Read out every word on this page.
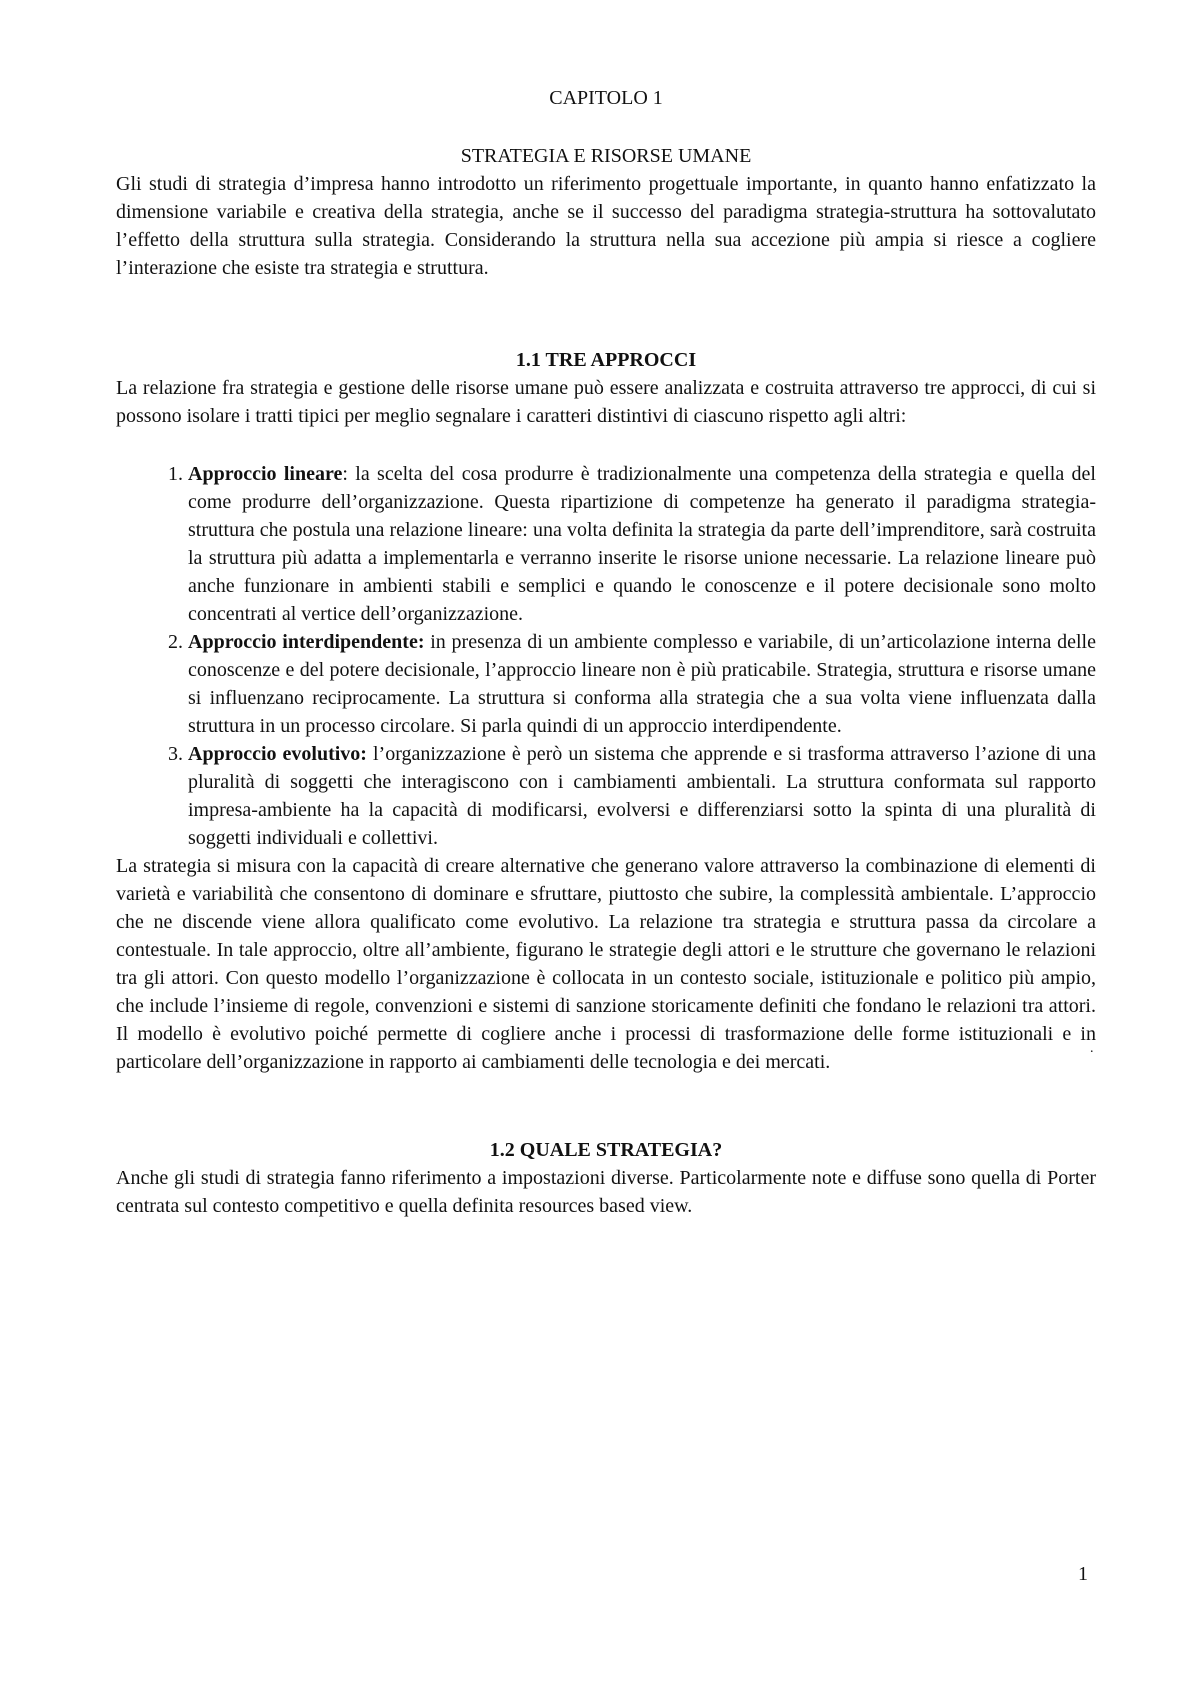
CAPITOLO 1
STRATEGIA E RISORSE UMANE

Gli studi di strategia d’impresa hanno introdotto un riferimento progettuale importante, in quanto hanno enfatizzato la dimensione variabile e creativa della strategia, anche se il successo del paradigma strategia-struttura ha sottovalutato l’effetto della struttura sulla strategia. Considerando la struttura nella sua accezione più ampia si riesce a cogliere l’interazione che esiste tra strategia e struttura.

1.1 TRE APPROCCI

La relazione fra strategia e gestione delle risorse umane può essere analizzata e costruita attraverso tre approcci, di cui si possono isolare i tratti tipici per meglio segnalare i caratteri distintivi di ciascuno rispetto agli altri:

1. Approccio lineare: la scelta del cosa produrre è tradizionalmente una competenza della strategia e quella del come produrre dell’organizzazione. Questa ripartizione di competenze ha generato il paradigma strategia-struttura che postula una relazione lineare: una volta definita la strategia da parte dell’imprenditore, sarà costruita la struttura più adatta a implementarla e verranno inserite le risorse unione necessarie. La relazione lineare può anche funzionare in ambienti stabili e semplici e quando le conoscenze e il potere decisionale sono molto concentrati al vertice dell’organizzazione.
2. Approccio interdipendente: in presenza di un ambiente complesso e variabile, di un’articolazione interna delle conoscenze e del potere decisionale, l’approccio lineare non è più praticabile. Strategia, struttura e risorse umane si influenzano reciprocamente. La struttura si conforma alla strategia che a sua volta viene influenzata dalla struttura in un processo circolare. Si parla quindi di un approccio interdipendente.
3. Approccio evolutivo: l’organizzazione è però un sistema che apprende e si trasforma attraverso l’azione di una pluralità di soggetti che interagiscono con i cambiamenti ambientali. La struttura conformata sul rapporto impresa-ambiente ha la capacità di modificarsi, evolversi e differenziarsi sotto la spinta di una pluralità di soggetti individuali e collettivi.

La strategia si misura con la capacità di creare alternative che generano valore attraverso la combinazione di elementi di varietà e variabilità che consentono di dominare e sfruttare, piuttosto che subire, la complessità ambientale. L’approccio che ne discende viene allora qualificato come evolutivo. La relazione tra strategia e struttura passa da circolare a contestuale. In tale approccio, oltre all’ambiente, figurano le strategie degli attori e le strutture che governano le relazioni tra gli attori. Con questo modello l’organizzazione è collocata in un contesto sociale, istituzionale e politico più ampio, che include l’insieme di regole, convenzioni e sistemi di sanzione storicamente definiti che fondano le relazioni tra attori. Il modello è evolutivo poiché permette di cogliere anche i processi di trasformazione delle forme istituzionali e in particolare dell’organizzazione in rapporto ai cambiamenti delle tecnologia e dei mercati.

1.2 QUALE STRATEGIA?

Anche gli studi di strategia fanno riferimento a impostazioni diverse. Particolarmente note e diffuse sono quella di Porter centrata sul contesto competitivo e quella definita resources based view.

.
1
